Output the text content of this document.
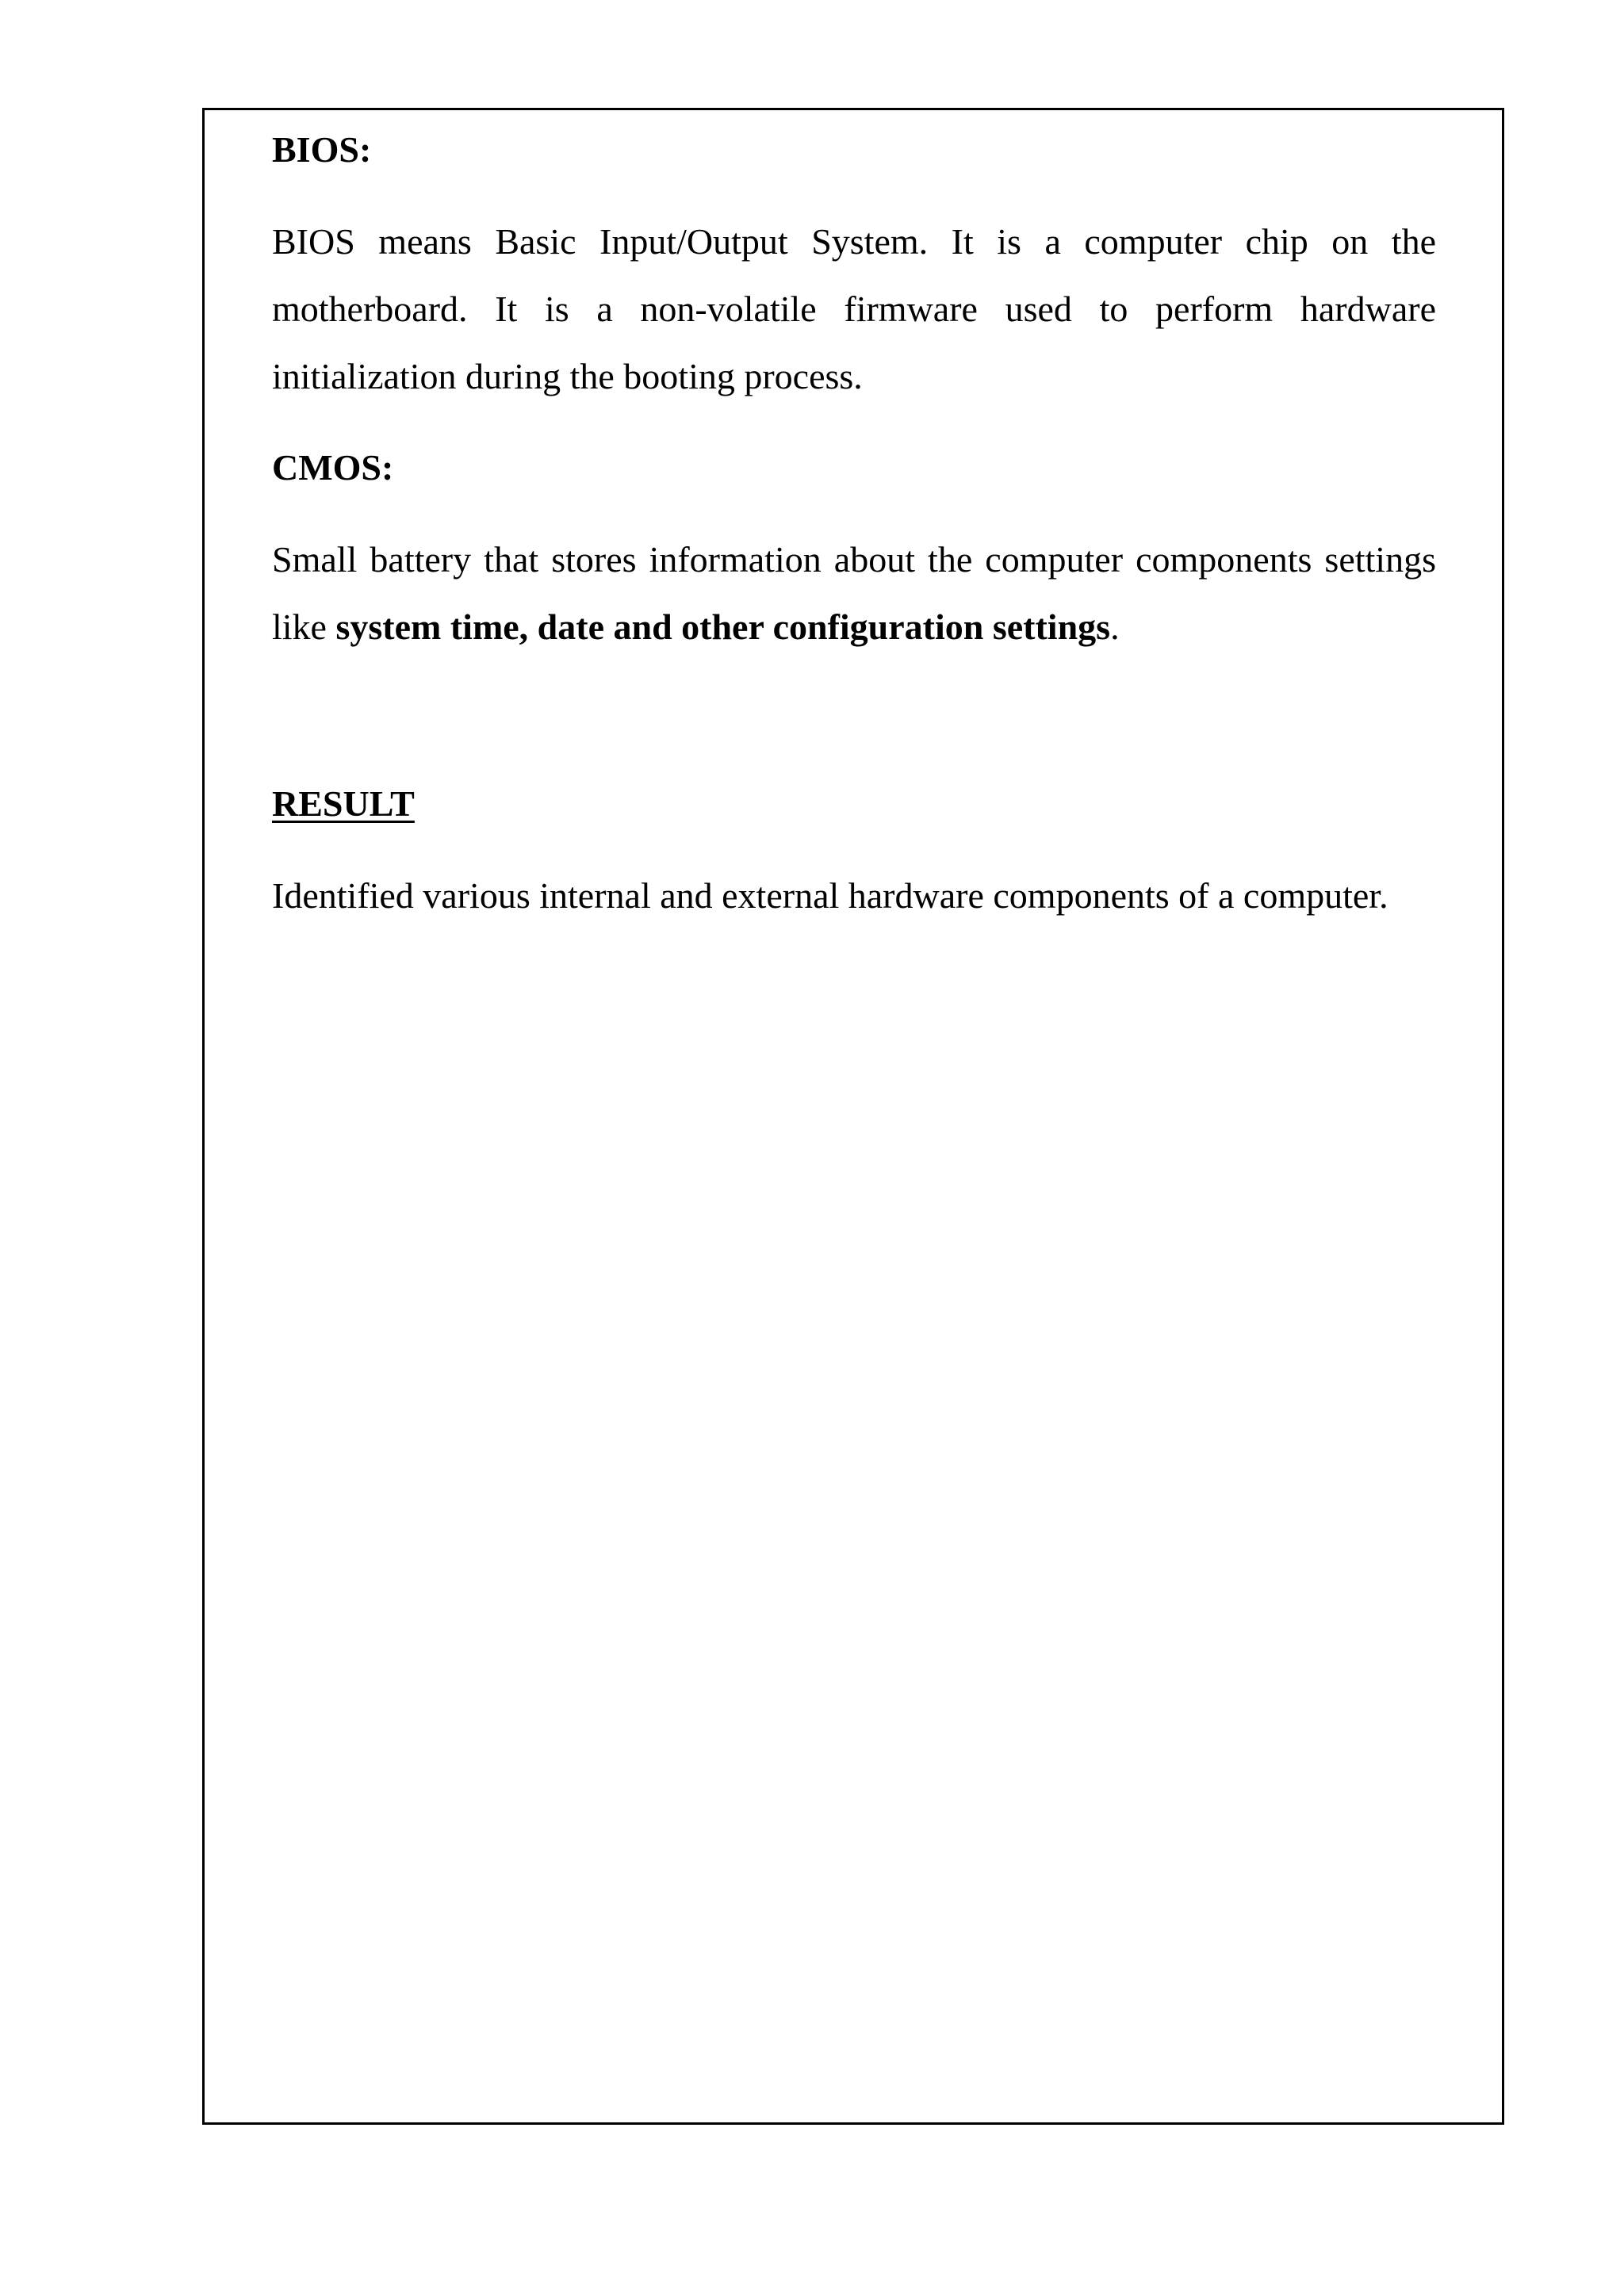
BIOS:

BIOS means Basic Input/Output System. It is a computer chip on the motherboard. It is a non-volatile firmware used to perform hardware initialization during the booting process.

CMOS:

Small battery that stores information about the computer components settings like system time, date and other configuration settings.

RESULT

Identified various internal and external hardware components of a computer.
